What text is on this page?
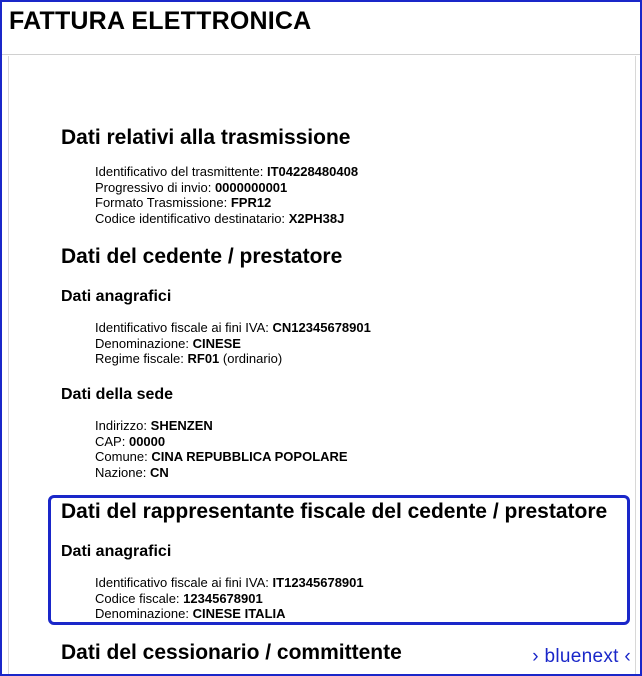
FATTURA ELETTRONICA
Dati relativi alla trasmissione
Identificativo del trasmittente: IT04228480408
Progressivo di invio: 0000000001
Formato Trasmissione: FPR12
Codice identificativo destinatario: X2PH38J
Dati del cedente / prestatore
Dati anagrafici
Identificativo fiscale ai fini IVA: CN12345678901
Denominazione: CINESE
Regime fiscale: RF01 (ordinario)
Dati della sede
Indirizzo: SHENZEN
CAP: 00000
Comune: CINA REPUBBLICA POPOLARE
Nazione: CN
Dati del rappresentante fiscale del cedente / prestatore
Dati anagrafici
Identificativo fiscale ai fini IVA: IT12345678901
Codice fiscale: 12345678901
Denominazione: CINESE ITALIA
Dati del cessionario / committente	› bluenext ‹
